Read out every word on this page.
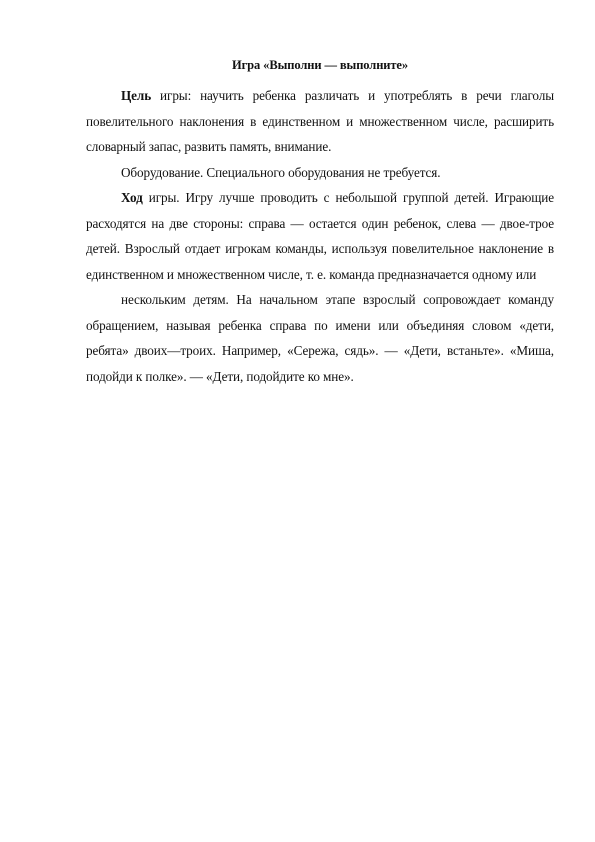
Игра «Выполни — выполните»

Цель игры: научить ребенка различать и употреблять в речи глаголы повелительного наклонения в единственном и множественном числе, расширить словарный запас, развить память, внимание.

Оборудование. Специального оборудования не требуется.

Ход игры. Игру лучше проводить с небольшой группой детей. Играющие расходятся на две стороны: справа — остается один ребенок, слева — двое-трое детей. Взрослый отдает игрокам команды, используя повелительное наклонение в единственном и множественном числе, т. е. команда предназначается одному или

нескольким детям. На начальном этапе взрослый сопровождает команду обращением, называя ребенка справа по имени или объединяя словом «дети, ребята» двоих—троих. Например, «Сережа, сядь». — «Дети, встаньте». «Миша, подойди к полке». — «Дети, подойдите ко мне».
